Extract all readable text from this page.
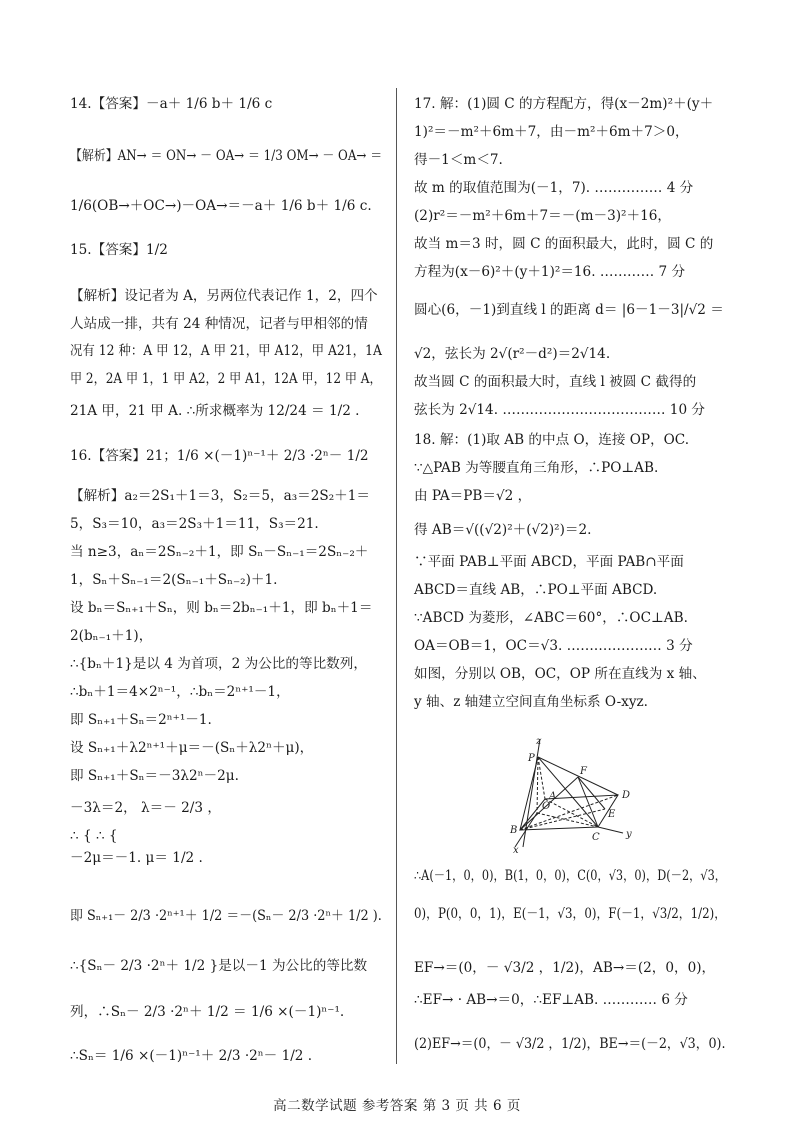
14.【答案】－a＋ 1/6 b＋ 1/6 c
【解析】AN→ ＝ ON→ － OA→ ＝ 1/3 OM→ － OA→ ＝
1/6(OB→＋OC→)－OA→＝－a＋ 1/6 b＋ 1/6 c.
15.【答案】1/2
【解析】设记者为 A，另两位代表记作 1，2，四个
人站成一排，共有 24 种情况，记者与甲相邻的情
况有 12 种：A 甲 12，A 甲 21，甲 A12，甲 A21，1A
甲 2，2A 甲 1，1 甲 A2，2 甲 A1，12A 甲，12 甲 A，
21A 甲，21 甲 A. ∴所求概率为 12/24 ＝ 1/2 .
16.【答案】21；1/6 ×(－1)ⁿ⁻¹＋ 2/3 ·2ⁿ－ 1/2
【解析】a₂＝2S₁＋1＝3，S₂＝5，a₃＝2S₂＋1＝
5，S₃＝10，a₃＝2S₃＋1＝11，S₃＝21.
当 n≥3，aₙ＝2Sₙ₋₂＋1，即 Sₙ－Sₙ₋₁＝2Sₙ₋₂＋
1，Sₙ＋Sₙ₋₁＝2(Sₙ₋₁＋Sₙ₋₂)＋1.
设 bₙ＝Sₙ₊₁＋Sₙ，则 bₙ＝2bₙ₋₁＋1，即 bₙ＋1＝
2(bₙ₋₁＋1)，
∴{bₙ＋1}是以 4 为首项，2 为公比的等比数列，
∴bₙ＋1＝4×2ⁿ⁻¹，∴bₙ＝2ⁿ⁺¹－1，
即 Sₙ₊₁＋Sₙ＝2ⁿ⁺¹－1.
设 Sₙ₊₁＋λ2ⁿ⁺¹＋μ＝－(Sₙ＋λ2ⁿ＋μ)，
即 Sₙ₊₁＋Sₙ＝－3λ2ⁿ－2μ.
－3λ＝2， λ＝－ 2/3 ，
∴ { ∴ {
－2μ＝－1. μ＝ 1/2 .
即 Sₙ₊₁－ 2/3 ·2ⁿ⁺¹＋ 1/2 ＝－(Sₙ－ 2/3 ·2ⁿ＋ 1/2 ).
∴{Sₙ－ 2/3 ·2ⁿ＋ 1/2 }是以－1 为公比的等比数
列，∴Sₙ－ 2/3 ·2ⁿ＋ 1/2 ＝ 1/6 ×(－1)ⁿ⁻¹.
∴Sₙ＝ 1/6 ×(－1)ⁿ⁻¹＋ 2/3 ·2ⁿ－ 1/2 .
17. 解：(1)圆 C 的方程配方，得(x－2m)²＋(y＋
1)²＝－m²＋6m＋7，由－m²＋6m＋7＞0，
得－1＜m＜7.
故 m 的取值范围为(－1，7). …………… 4 分
(2)r²＝－m²＋6m＋7＝－(m－3)²＋16，
故当 m＝3 时，圆 C 的面积最大，此时，圆 C 的
方程为(x－6)²＋(y＋1)²＝16. ………… 7 分
圆心(6，－1)到直线 l 的距离 d＝ |6－1－3|/√2 ＝
√2，弦长为 2√(r²－d²)＝2√14.
故当圆 C 的面积最大时，直线 l 被圆 C 截得的
弦长为 2√14. ……………………………… 10 分
18. 解：(1)取 AB 的中点 O，连接 OP，OC.
∵△PAB 为等腰直角三角形，∴PO⊥AB.
由 PA＝PB＝√2 ，
得 AB＝√((√2)²＋(√2)²)＝2.
∵平面 PAB⊥平面 ABCD，平面 PAB∩平面
ABCD＝直线 AB，∴PO⊥平面 ABCD.
∵ABCD 为菱形，∠ABC＝60°，∴OC⊥AB.
OA＝OB＝1，OC＝√3. ………………… 3 分
如图，分别以 OB，OC，OP 所在直线为 x 轴、
y 轴、z 轴建立空间直角坐标系 O-xyz.
∴A(－1，0，0)，B(1，0，0)，C(0，√3，0)，D(－2，√3，
0)，P(0，0，1)，E(－1，√3，0)，F(－1，√3/2，1/2)，
EF→＝(0，－ √3/2 ，1/2)，AB→＝(2，0，0)，
∴EF→ · AB→＝0，∴EF⊥AB. ………… 6 分
(2)EF→＝(0，－ √3/2 ，1/2)，BE→＝(－2，√3，0).
z
P
F
D
O
A
E
B
C	y
x
高二数学试题 参考答案 第 3 页 共 6 页
